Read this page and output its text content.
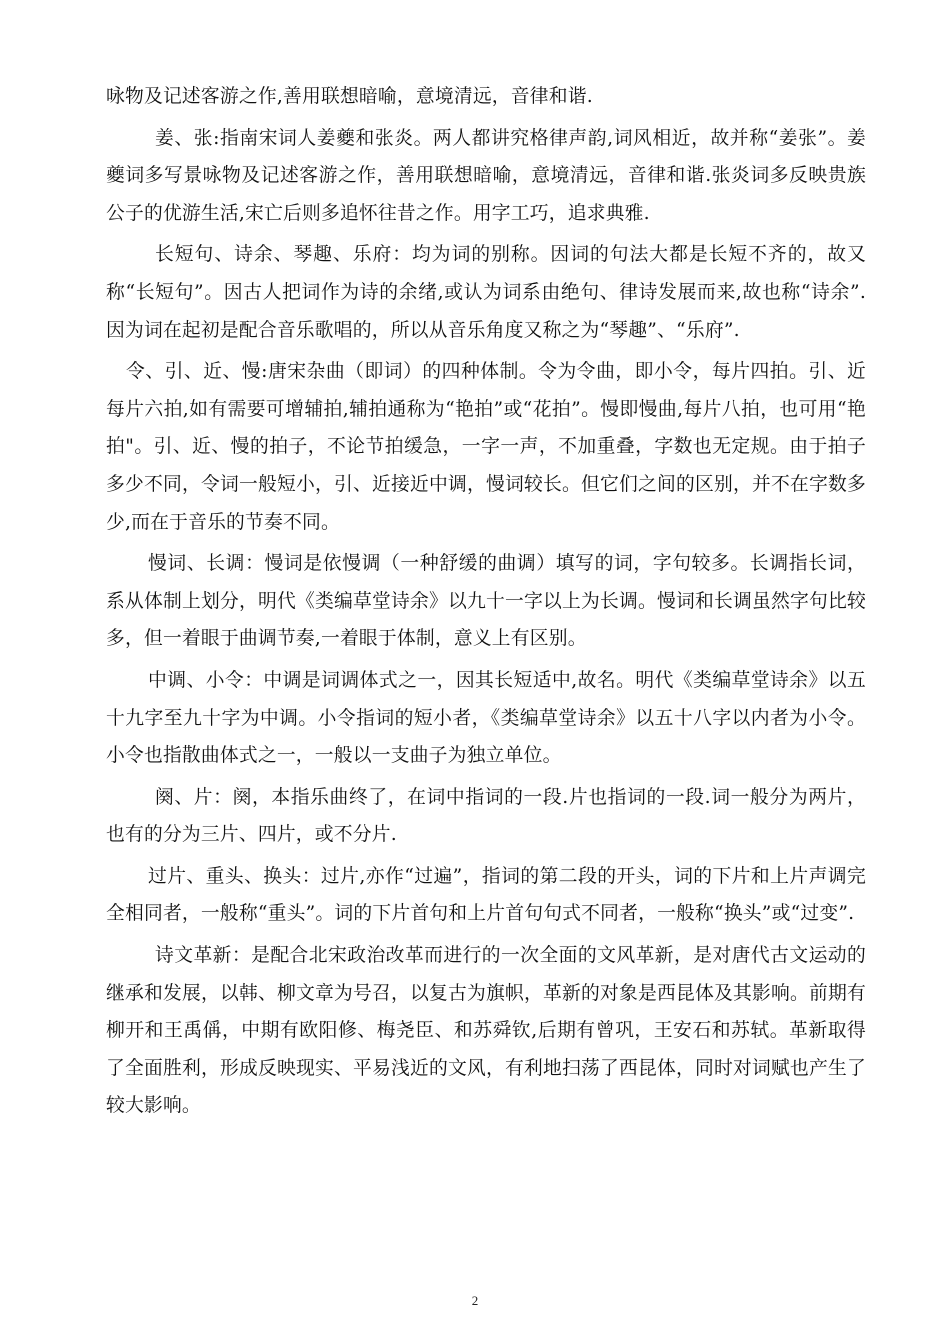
咏物及记述客游之作,善用联想暗喻，意境清远，音律和谐.

姜、张:指南宋词人姜夔和张炎。两人都讲究格律声韵,词风相近，故并称“姜张”。姜夔词多写景咏物及记述客游之作，善用联想暗喻，意境清远，音律和谐.张炎词多反映贵族公子的优游生活,宋亡后则多追怀往昔之作。用字工巧，追求典雅.

长短句、诗余、琴趣、乐府：均为词的别称。因词的句法大都是长短不齐的，故又称“长短句”。因古人把词作为诗的余绪,或认为词系由绝句、律诗发展而来,故也称“诗余”.因为词在起初是配合音乐歌唱的，所以从音乐角度又称之为“琴趣”、“乐府”.

令、引、近、慢:唐宋杂曲（即词）的四种体制。令为令曲，即小令，每片四拍。引、近每片六拍,如有需要可增辅拍,辅拍通称为“艳拍”或“花拍”。慢即慢曲,每片八拍，也可用“艳拍"。引、近、慢的拍子，不论节拍缓急，一字一声，不加重叠，字数也无定规。由于拍子多少不同，令词一般短小，引、近接近中调，慢词较长。但它们之间的区别，并不在字数多少,而在于音乐的节奏不同。

慢词、长调：慢词是依慢调（一种舒缓的曲调）填写的词，字句较多。长调指长词，系从体制上划分，明代《类编草堂诗余》以九十一字以上为长调。慢词和长调虽然字句比较多，但一着眼于曲调节奏,一着眼于体制，意义上有区别。

中调、小令：中调是词调体式之一，因其长短适中,故名。明代《类编草堂诗余》以五十九字至九十字为中调。小令指词的短小者，《类编草堂诗余》以五十八字以内者为小令。小令也指散曲体式之一，一般以一支曲子为独立单位。

阕、片：阕，本指乐曲终了，在词中指词的一段.片也指词的一段.词一般分为两片，也有的分为三片、四片，或不分片.

过片、重头、换头：过片,亦作“过遍”，指词的第二段的开头，词的下片和上片声调完全相同者，一般称“重头”。词的下片首句和上片首句句式不同者，一般称“换头”或“过变”.

诗文革新：是配合北宋政治改革而进行的一次全面的文风革新，是对唐代古文运动的继承和发展，以韩、柳文章为号召，以复古为旗帜，革新的对象是西昆体及其影响。前期有柳开和王禹偁，中期有欧阳修、梅尧臣、和苏舜钦,后期有曾巩，王安石和苏轼。革新取得了全面胜利，形成反映现实、平易浅近的文风，有利地扫荡了西昆体，同时对词赋也产生了较大影响。

2
